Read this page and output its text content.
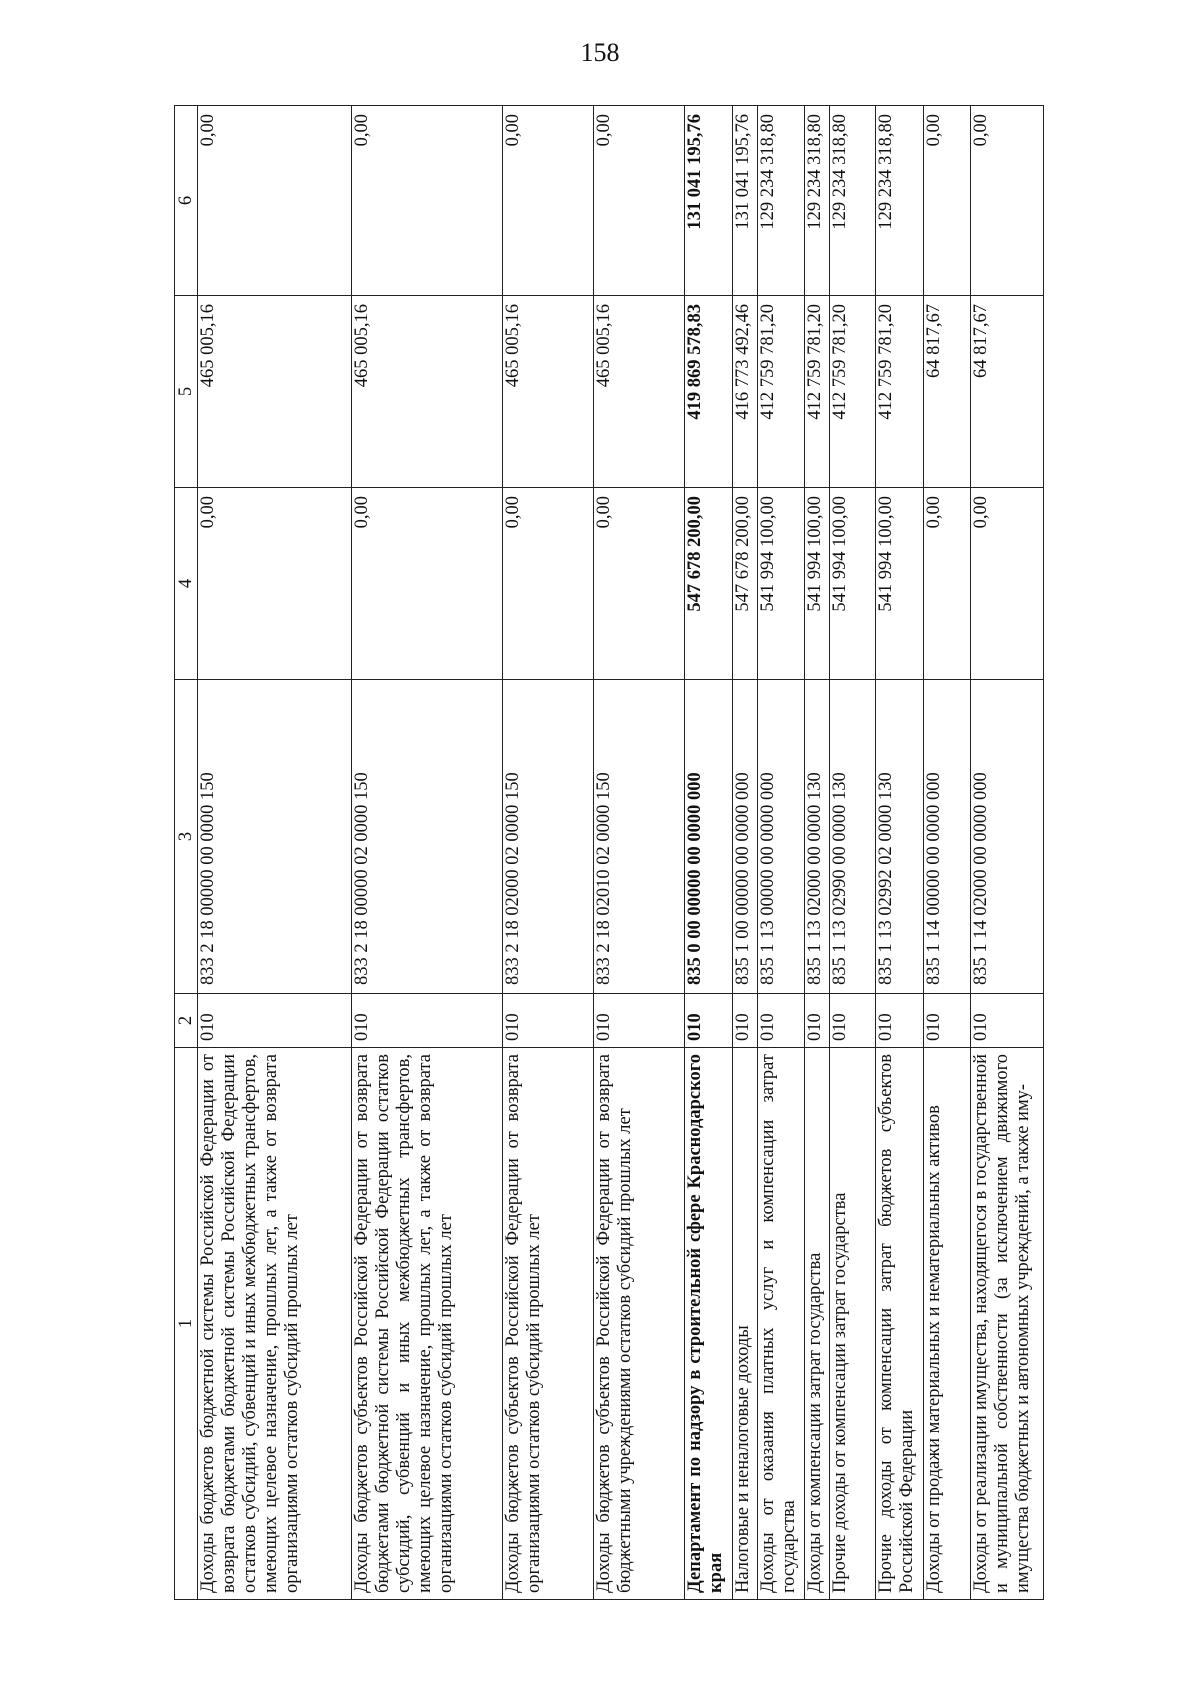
158
1	2	3	4	5	6
Доходы бюджетов бюджетной системы Российской Федерации от возврата бюджетами бюджетной системы Российской Федерации остатков субсидий, субвенций и иных межбюджетных трансфертов, имеющих целевое назначение, прошлых лет, а также от возврата организациями остатков субсидий прошлых лет	010	833 2 18 00000 00 0000 150	0,00	465 005,16	0,00
Доходы бюджетов субъектов Российской Федерации от возврата бюджетами бюджетной системы Российской Федерации остатков субсидий, субвенций и иных межбюджетных трансфертов, имеющих целевое назначение, прошлых лет, а также от возврата организациями остатков субсидий прошлых лет	010	833 2 18 00000 02 0000 150	0,00	465 005,16	0,00
Доходы бюджетов субъектов Российской Федерации от возврата организациями остатков субсидий прошлых лет	010	833 2 18 02000 02 0000 150	0,00	465 005,16	0,00
Доходы бюджетов субъектов Российской Федерации от возврата бюджетными учреждениями остатков субсидий прошлых лет	010	833 2 18 02010 02 0000 150	0,00	465 005,16	0,00
Департамент по надзору в строительной сфере Краснодарского края	010	835 0 00 00000 00 0000 000	547 678 200,00	419 869 578,83	131 041 195,76
Налоговые и неналоговые доходы	010	835 1 00 00000 00 0000 000	547 678 200,00	416 773 492,46	131 041 195,76
Доходы от оказания платных услуг и компенсации затрат государства	010	835 1 13 00000 00 0000 000	541 994 100,00	412 759 781,20	129 234 318,80
Доходы от компенсации затрат государства	010	835 1 13 02000 00 0000 130	541 994 100,00	412 759 781,20	129 234 318,80
Прочие доходы от компенсации затрат государства	010	835 1 13 02990 00 0000 130	541 994 100,00	412 759 781,20	129 234 318,80
Прочие доходы от компенсации затрат бюджетов субъектов Российской Федерации	010	835 1 13 02992 02 0000 130	541 994 100,00	412 759 781,20	129 234 318,80
Доходы от продажи материальных и нематериальных активов	010	835 1 14 00000 00 0000 000	0,00	64 817,67	0,00
Доходы от реализации имущества, находящегося в государственной и муниципальной собственности (за исключением движимого имущества бюджетных и автономных учреждений, а также иму-	010	835 1 14 02000 00 0000 000	0,00	64 817,67	0,00
